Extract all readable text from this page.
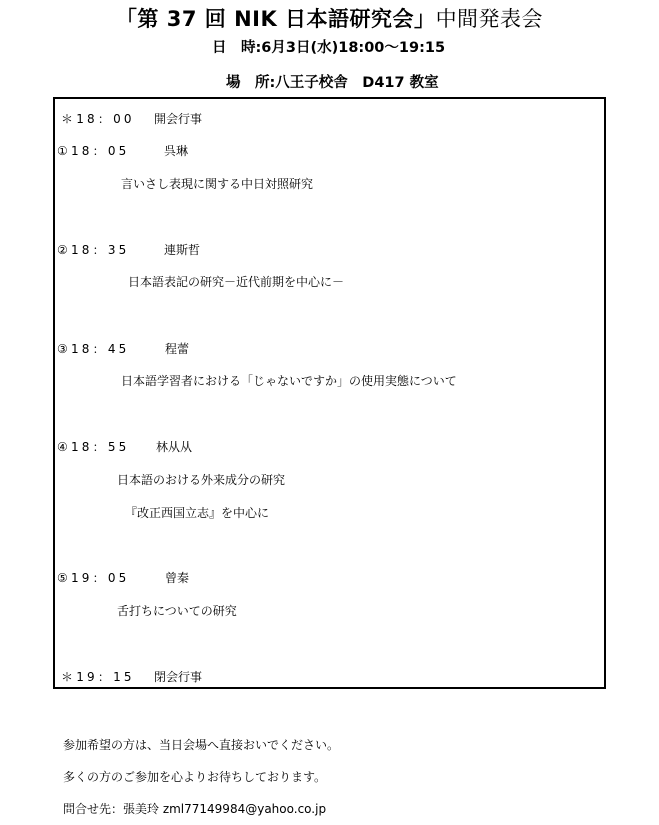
「第 37 回 NIK 日本語研究会」中間発表会
日　時:6月3日(水)18:00～19:15
場　所:八王子校舎　D417 教室
＊18：00 開会行事
①18：05	呉琳
言いさし表現に関する中日対照研究
②18：35	連斯哲
日本語表記の研究－近代前期を中心に－
③18：45	程蕾
日本語学習者における「じゃないですか」の使用実態について
④18：55 林从从
日本語のおける外来成分の研究
『改正西国立志』を中心に
⑤19：05	曾秦
舌打ちについての研究
＊19：15 閉会行事
参加希望の方は、当日会場へ直接おいでください。
多くの方のご参加を心よりお待ちしております。
問合せ先：張美玲 zml77149984@yahoo.co.jp
